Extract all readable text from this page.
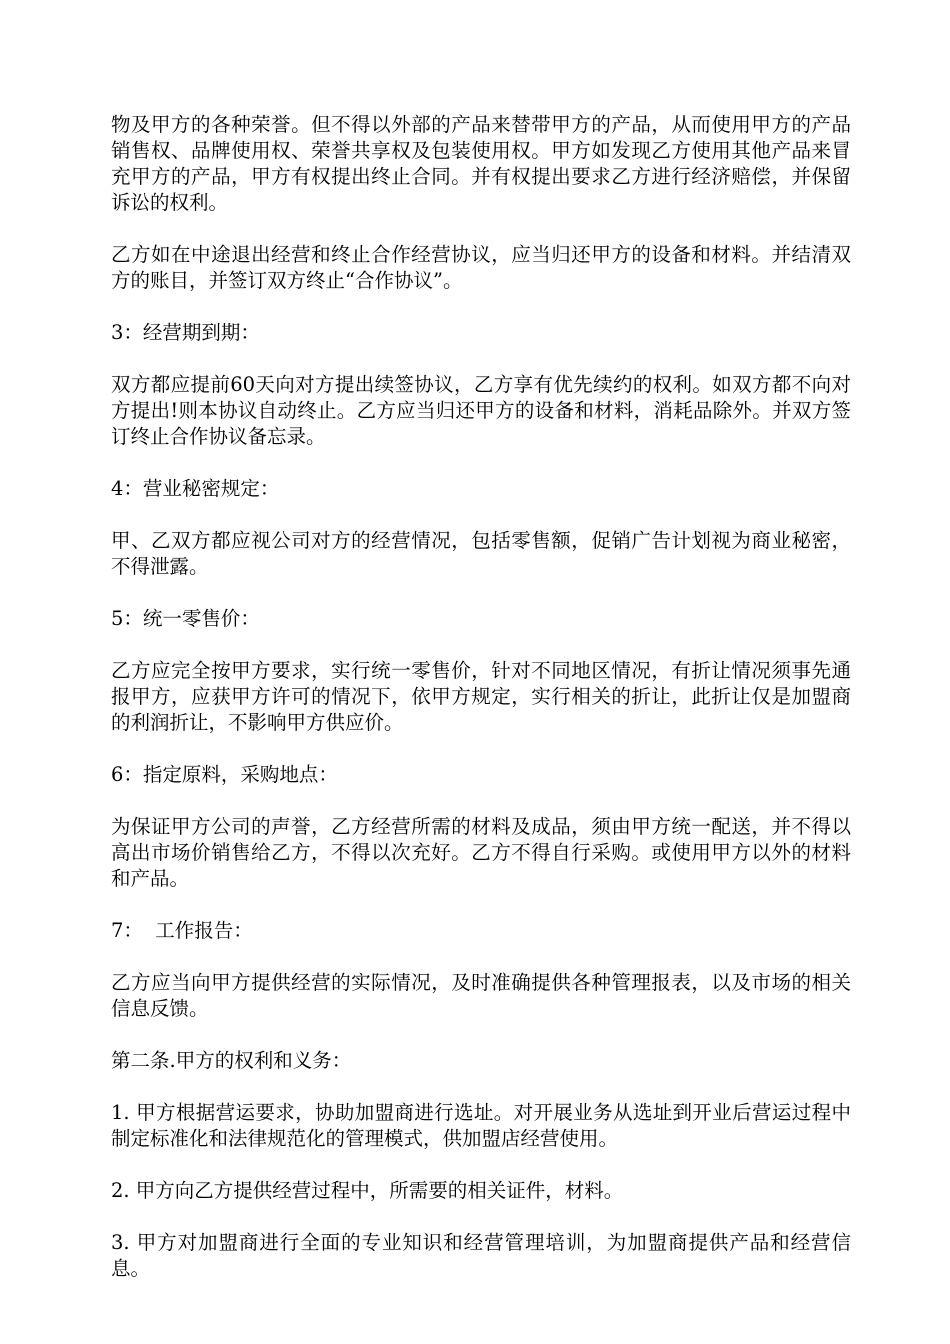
物及甲方的各种荣誉。但不得以外部的产品来替带甲方的产品，从而使用甲方的产品销售权、品牌使用权、荣誉共享权及包装使用权。甲方如发现乙方使用其他产品来冒充甲方的产品，甲方有权提出终止合同。并有权提出要求乙方进行经济赔偿，并保留诉讼的权利。

乙方如在中途退出经营和终止合作经营协议，应当归还甲方的设备和材料。并结清双方的账目，并签订双方终止“合作协议”。

3：经营期到期：

双方都应提前60天向对方提出续签协议，乙方享有优先续约的权利。如双方都不向对方提出!则本协议自动终止。乙方应当归还甲方的设备和材料，消耗品除外。并双方签订终止合作协议备忘录。

4：营业秘密规定：

甲、乙双方都应视公司对方的经营情况，包括零售额，促销广告计划视为商业秘密，不得泄露。

5：统一零售价：

乙方应完全按甲方要求，实行统一零售价，针对不同地区情况，有折让情况须事先通报甲方，应获甲方许可的情况下，依甲方规定，实行相关的折让，此折让仅是加盟商的利润折让，不影响甲方供应价。

6：指定原料，采购地点：

为保证甲方公司的声誉，乙方经营所需的材料及成品，须由甲方统一配送，并不得以高出市场价销售给乙方，不得以次充好。乙方不得自行采购。或使用甲方以外的材料和产品。

7：  工作报告：

乙方应当向甲方提供经营的实际情况，及时准确提供各种管理报表，以及市场的相关信息反馈。

第二条.甲方的权利和义务：

1. 甲方根据营运要求，协助加盟商进行选址。对开展业务从选址到开业后营运过程中制定标准化和法律规范化的管理模式，供加盟店经营使用。

2. 甲方向乙方提供经营过程中，所需要的相关证件，材料。

3. 甲方对加盟商进行全面的专业知识和经营管理培训，为加盟商提供产品和经营信息。
